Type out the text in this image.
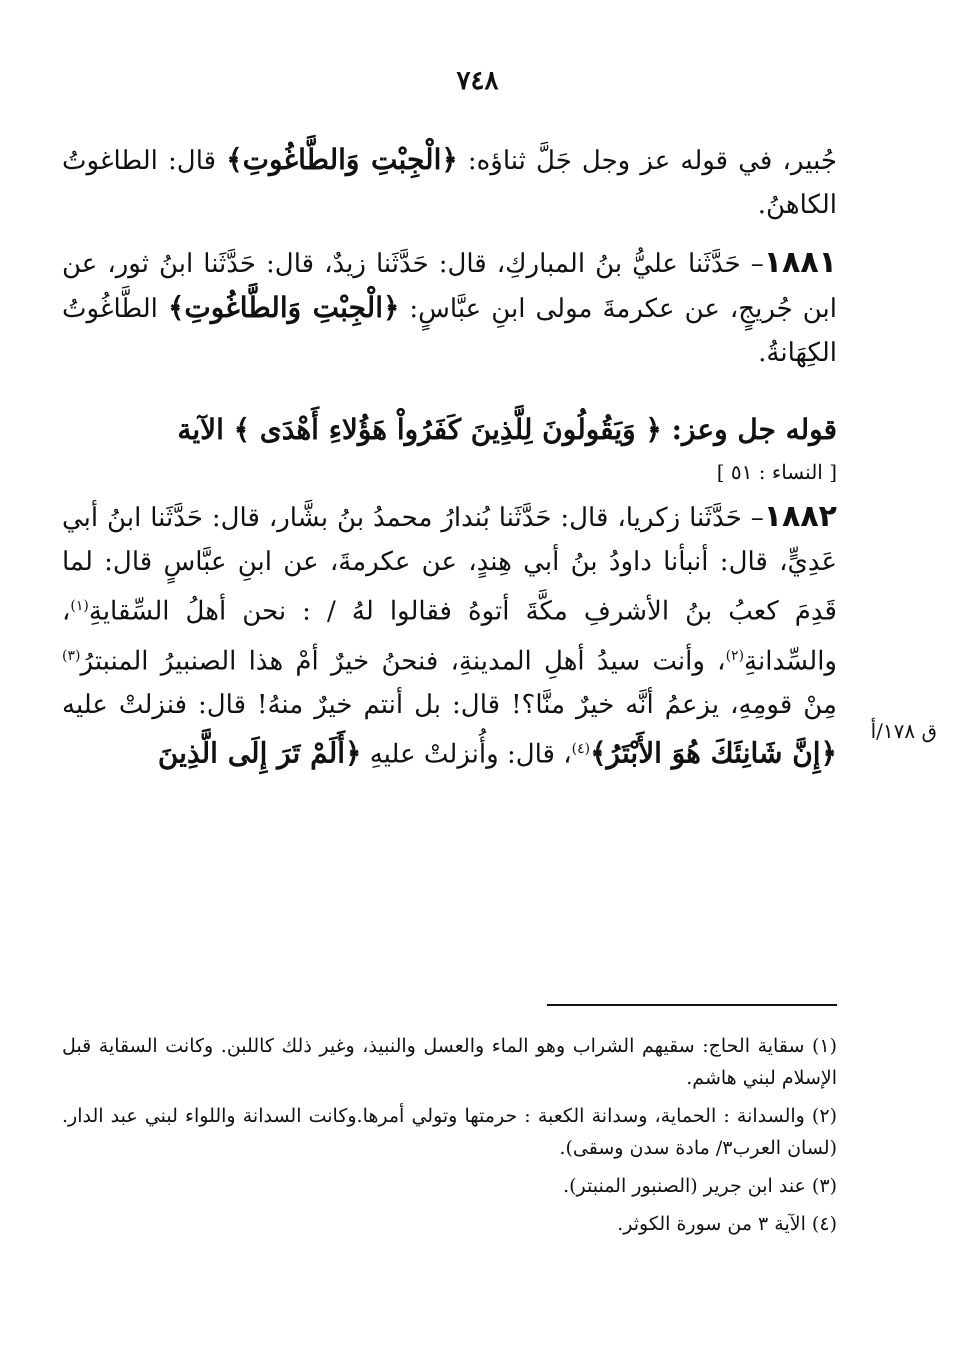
٧٤٨
ق ١٧٨/أ

جُبير، في قوله عز وجل جَلَّ ثناؤه: ﴿الْجِبْتِ وَالطَّاغُوتِ﴾ قال: الطاغوتُ الكاهنُ.

١٨٨١– حَدَّثَنا عليُّ بنُ المباركِ، قال: حَدَّثَنا زيدٌ، قال: حَدَّثَنا ابنُ ثور، عن ابن جُريجٍ، عن عكرمةَ مولى ابنِ عبَّاسٍ: ﴿الْجِبْتِ وَالطَّاغُوتِ﴾ الطَّاغُوتُ الكِهَانةُ.

قوله جل وعز: ﴿ وَيَقُولُونَ لِلَّذِينَ كَفَرُواْ هَؤُلاءِ أَهْدَى ﴾ الآية

[ النساء : ٥١ ]

١٨٨٢– حَدَّثَنا زكريا، قال: حَدَّثَنا بُندارُ محمدُ بنُ بشَّار، قال: حَدَّثَنا ابنُ أبي عَدِيٍّ، قال: أنبأنا داودُ بنُ أبي هِندٍ، عن عكرمةَ، عن ابنِ عبَّاسٍ قال: لما قَدِمَ كعبُ بنُ الأشرفِ مكَّةَ أتوهُ فقالوا لهُ / : نحن أهلُ السِّقايةِ$^{(١)}$، والسِّدانةِ$^{(٢)}$، وأنت سيدُ أهلِ المدينةِ، فنحنُ خيرٌ أمْ هذا الصنبيرُ المنبترُ$^{(٣)}$ مِنْ قومِهِ، يزعمُ أنَّه خيرٌ منَّا؟! قال: بل أنتم خيرٌ منهُ! قال: فنزلتْ عليه ﴿إِنَّ شَانِئَكَ هُوَ الأَبْتَرُ﴾$^{(٤)}$، قال: وأُنزلتْ عليهِ ﴿أَلَمْ تَرَ إِلَى الَّذِينَ

(١) سقاية الحاج: سقيهم الشراب وهو الماء والعسل والنبيذ، وغير ذلك كاللبن. وكانت السقاية قبل الإسلام لبني هاشم.

(٢) والسدانة : الحماية، وسدانة الكعبة : حرمتها وتولي أمرها.وكانت السدانة واللواء لبني عبد الدار. (لسان العرب٣/ مادة سدن وسقى).

(٣) عند ابن جرير (الصنبور المنبتر).

(٤) الآية ٣ من سورة الكوثر.
